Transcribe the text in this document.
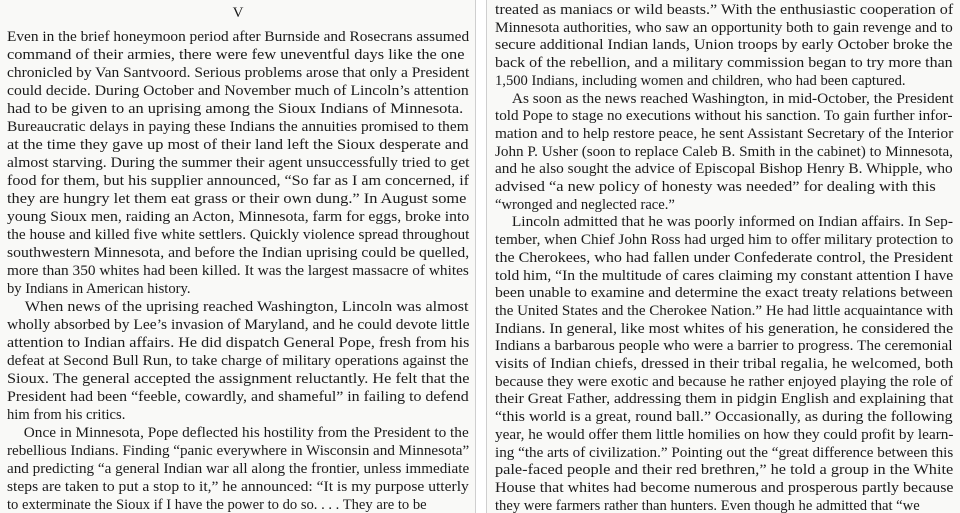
V
Even in the brief honeymoon period after Burnside and Rosecrans assumed
command of their armies, there were few uneventful days like the one
chronicled by Van Santvoord. Serious problems arose that only a President
could decide. During October and November much of Lincoln’s attention
had to be given to an uprising among the Sioux Indians of Minnesota.
Bureaucratic delays in paying these Indians the annuities promised to them
at the time they gave up most of their land left the Sioux desperate and
almost starving. During the summer their agent unsuccessfully tried to get
food for them, but his supplier announced, “So far as I am concerned, if
they are hungry let them eat grass or their own dung.” In August some
young Sioux men, raiding an Acton, Minnesota, farm for eggs, broke into
the house and killed five white settlers. Quickly violence spread throughout
southwestern Minnesota, and before the Indian uprising could be quelled,
more than 350 whites had been killed. It was the largest massacre of whites
by Indians in American history.
When news of the uprising reached Washington, Lincoln was almost
wholly absorbed by Lee’s invasion of Maryland, and he could devote little
attention to Indian affairs. He did dispatch General Pope, fresh from his
defeat at Second Bull Run, to take charge of military operations against the
Sioux. The general accepted the assignment reluctantly. He felt that the
President had been “feeble, cowardly, and shameful” in failing to defend
him from his critics.
Once in Minnesota, Pope deflected his hostility from the President to the
rebellious Indians. Finding “panic everywhere in Wisconsin and Minnesota”
and predicting “a general Indian war all along the frontier, unless immediate
steps are taken to put a stop to it,” he announced: “It is my purpose utterly
to exterminate the Sioux if I have the power to do so. . . . They are to be
treated as maniacs or wild beasts.” With the enthusiastic cooperation of
Minnesota authorities, who saw an opportunity both to gain revenge and to
secure additional Indian lands, Union troops by early October broke the
back of the rebellion, and a military commission began to try more than
1,500 Indians, including women and children, who had been captured.
As soon as the news reached Washington, in mid-October, the President
told Pope to stage no executions without his sanction. To gain further infor-
mation and to help restore peace, he sent Assistant Secretary of the Interior
John P. Usher (soon to replace Caleb B. Smith in the cabinet) to Minnesota,
and he also sought the advice of Episcopal Bishop Henry B. Whipple, who
advised “a new policy of honesty was needed” for dealing with this
“wronged and neglected race.”
Lincoln admitted that he was poorly informed on Indian affairs. In Sep-
tember, when Chief John Ross had urged him to offer military protection to
the Cherokees, who had fallen under Confederate control, the President
told him, “In the multitude of cares claiming my constant attention I have
been unable to examine and determine the exact treaty relations between
the United States and the Cherokee Nation.” He had little acquaintance with
Indians. In general, like most whites of his generation, he considered the
Indians a barbarous people who were a barrier to progress. The ceremonial
visits of Indian chiefs, dressed in their tribal regalia, he welcomed, both
because they were exotic and because he rather enjoyed playing the role of
their Great Father, addressing them in pidgin English and explaining that
“this world is a great, round ball.” Occasionally, as during the following
year, he would offer them little homilies on how they could profit by learn-
ing “the arts of civilization.” Pointing out the “great difference between this
pale-faced people and their red brethren,” he told a group in the White
House that whites had become numerous and prosperous partly because
they were farmers rather than hunters. Even though he admitted that “we
